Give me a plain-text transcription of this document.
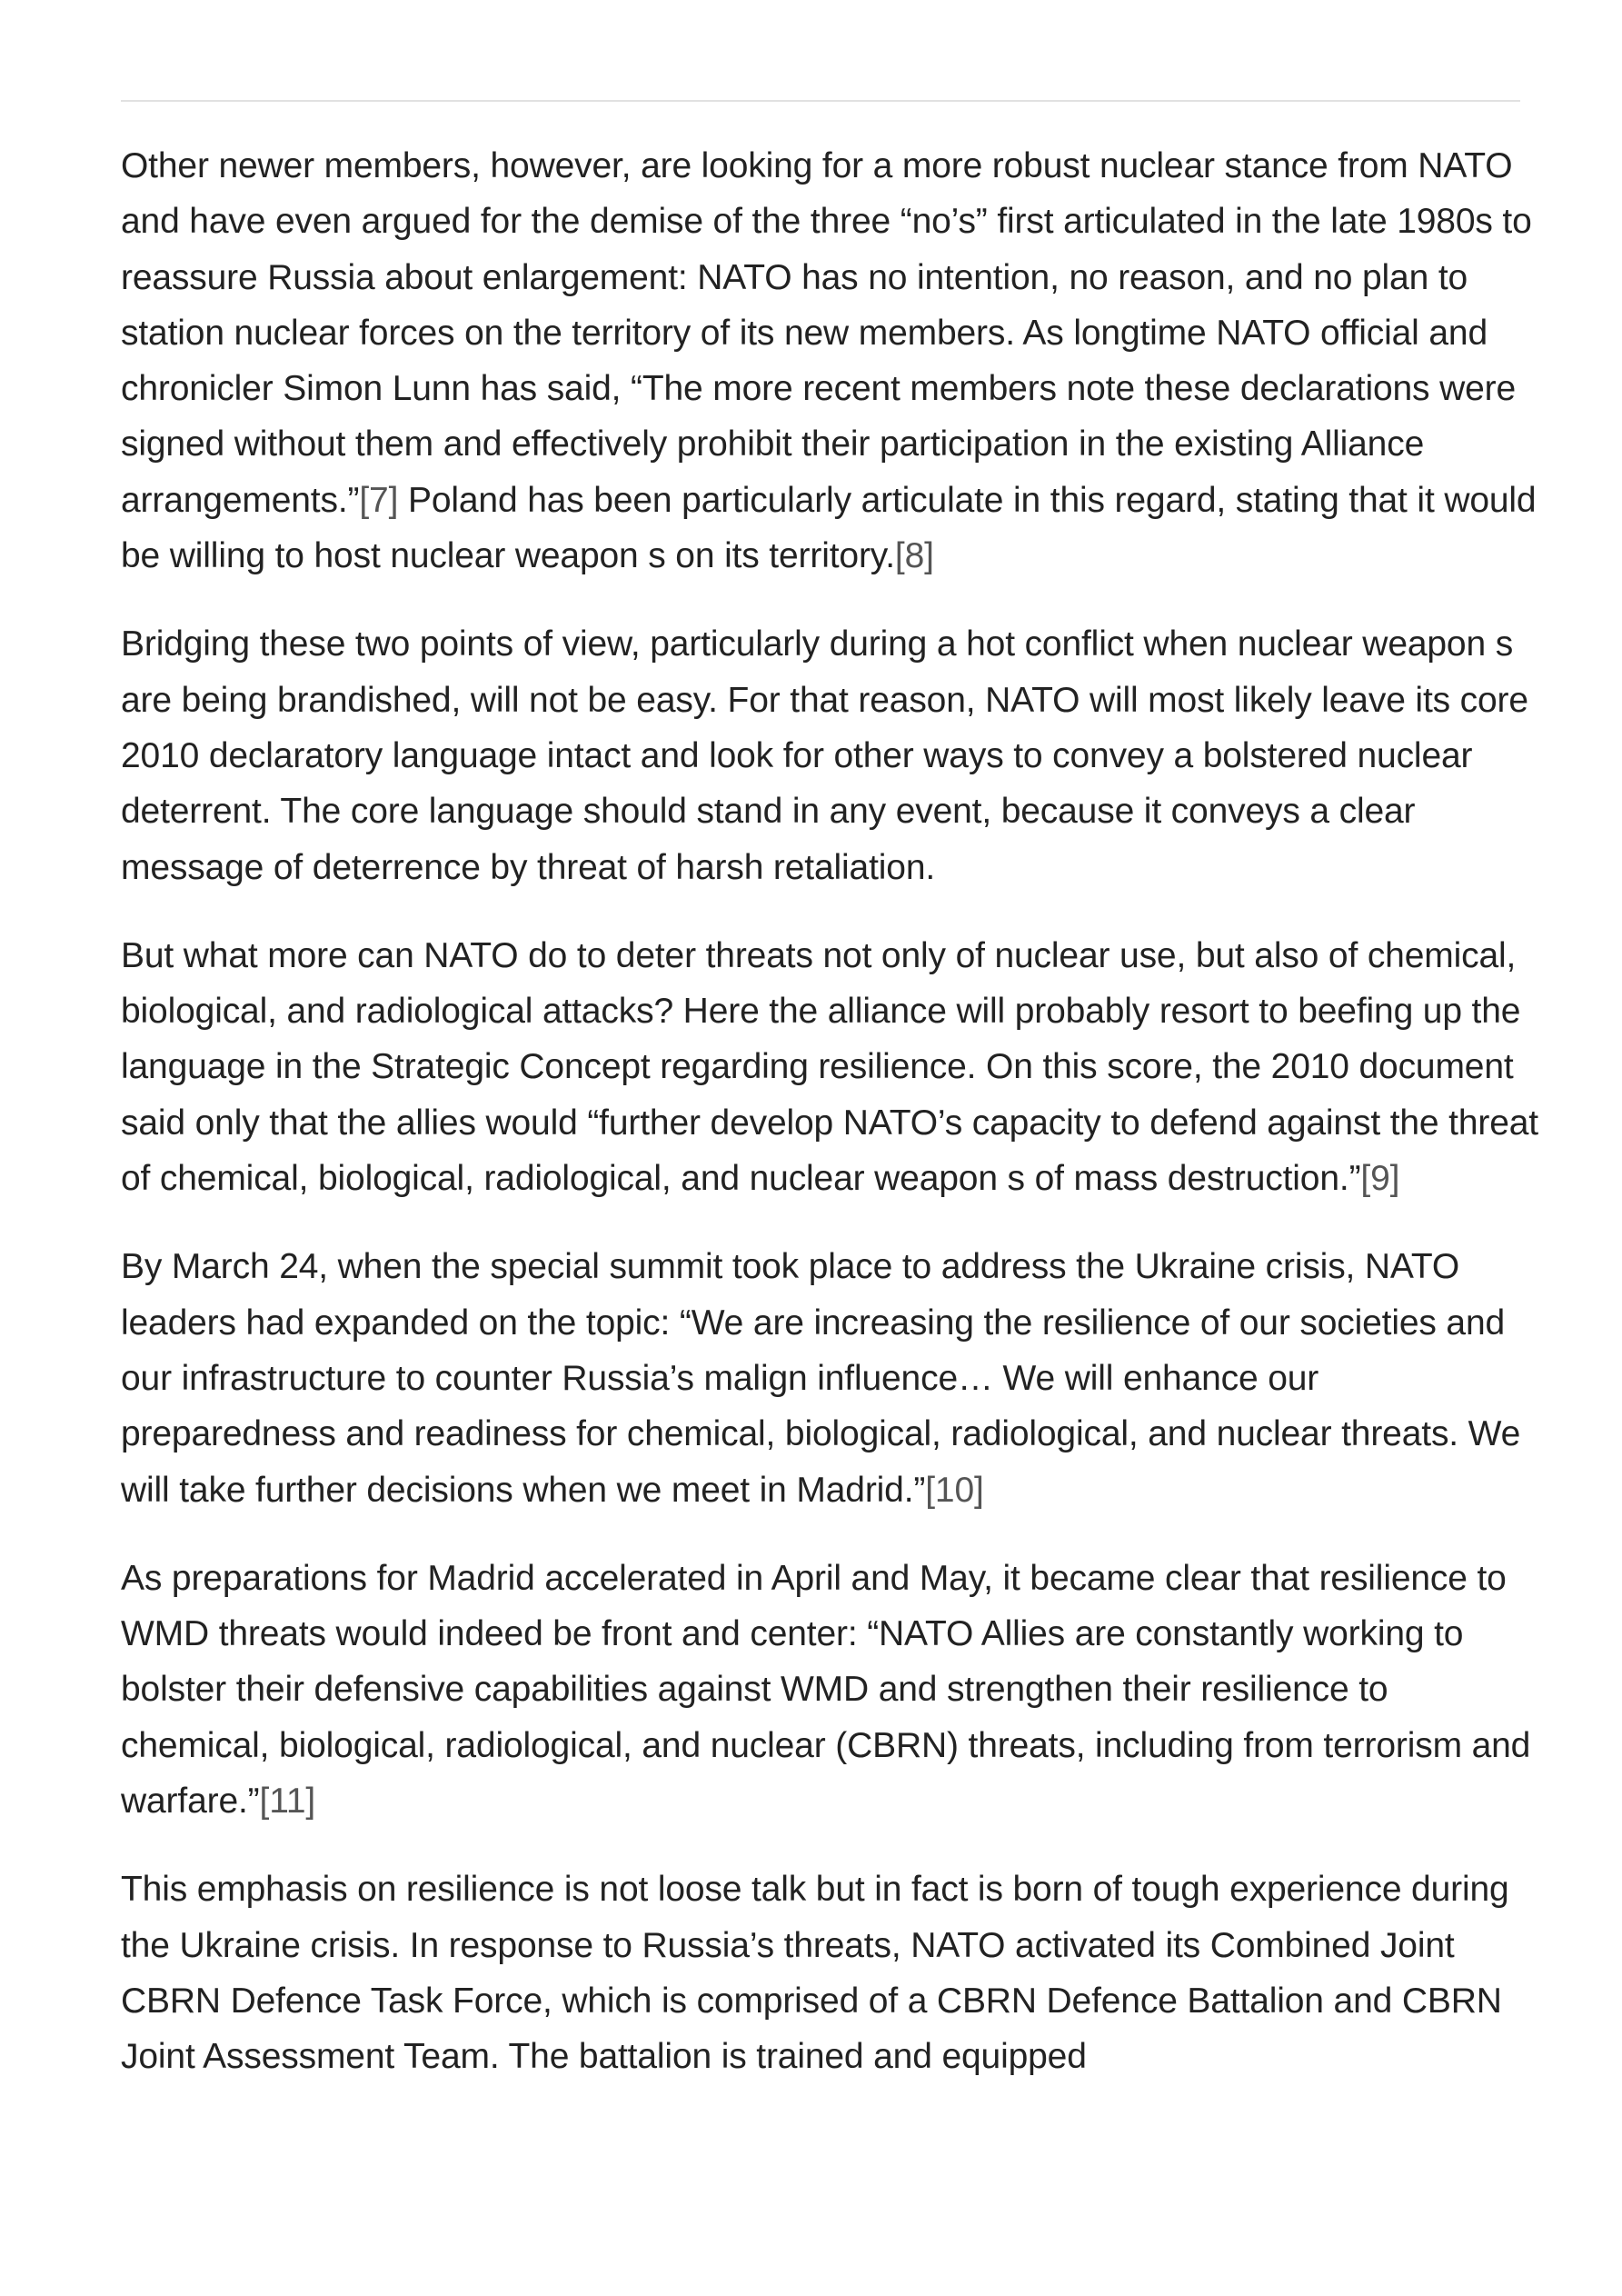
Other newer members, however, are looking for a more robust nuclear stance from NATO and have even argued for the demise of the three “no’s” first articulated in the late 1980s to reassure Russia about enlargement: NATO has no intention, no reason, and no plan to station nuclear forces on the territory of its new members. As longtime NATO official and chronicler Simon Lunn has said, “The more recent members note these declarations were signed without them and effectively prohibit their participation in the existing Alliance arrangements.”[7] Poland has been particularly articulate in this regard, stating that it would be willing to host nuclear weapon s on its territory.[8]

Bridging these two points of view, particularly during a hot conflict when nuclear weapon s are being brandished, will not be easy. For that reason, NATO will most likely leave its core 2010 declaratory language intact and look for other ways to convey a bolstered nuclear deterrent. The core language should stand in any event, because it conveys a clear message of deterrence by threat of harsh retaliation.

But what more can NATO do to deter threats not only of nuclear use, but also of chemical, biological, and radiological attacks? Here the alliance will probably resort to beefing up the language in the Strategic Concept regarding resilience. On this score, the 2010 document said only that the allies would “further develop NATO’s capacity to defend against the threat of chemical, biological, radiological, and nuclear weapon s of mass destruction.”[9]

By March 24, when the special summit took place to address the Ukraine crisis, NATO leaders had expanded on the topic: “We are increasing the resilience of our societies and our infrastructure to counter Russia’s malign influence… We will enhance our preparedness and readiness for chemical, biological, radiological, and nuclear threats. We will take further decisions when we meet in Madrid.”[10]

As preparations for Madrid accelerated in April and May, it became clear that resilience to WMD threats would indeed be front and center: “NATO Allies are constantly working to bolster their defensive capabilities against WMD and strengthen their resilience to chemical, biological, radiological, and nuclear (CBRN) threats, including from terrorism and warfare.”[11]

This emphasis on resilience is not loose talk but in fact is born of tough experience during the Ukraine crisis. In response to Russia’s threats, NATO activated its Combined Joint CBRN Defence Task Force, which is comprised of a CBRN Defence Battalion and CBRN Joint Assessment Team. The battalion is trained and equipped
